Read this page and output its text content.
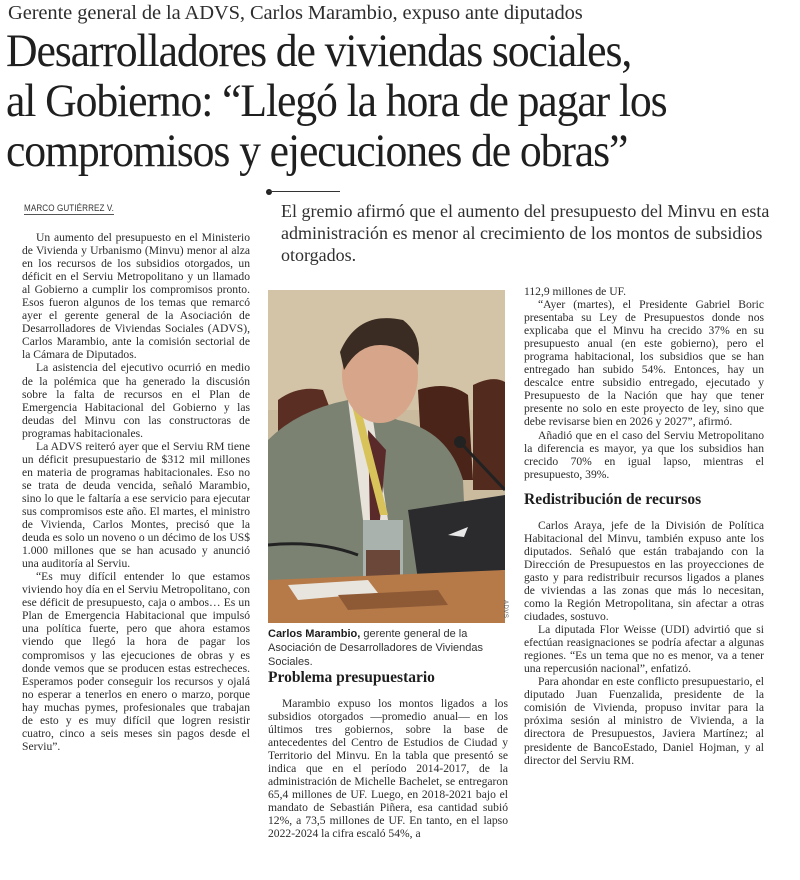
Gerente general de la ADVS, Carlos Marambio, expuso ante diputados
Desarrolladores de viviendas sociales,
al Gobierno: “Llegó la hora de pagar los
compromisos y ejecuciones de obras”
MARCO GUTIÉRREZ V.	El gremio afirmó que el aumento del presupuesto del Minvu en esta administración es menor al crecimiento de los montos de subsidios otorgados.

Un aumento del presupuesto en el Ministerio de Vivienda y Urbanismo (Minvu) menor al alza en los recursos de los subsidios otorgados, un déficit en el Serviu Metropolitano y un llamado al Gobierno a cumplir los compromisos pronto. Esos fueron algunos de los temas que remarcó ayer el gerente general de la Asociación de Desarrolladores de Viviendas Sociales (ADVS), Carlos Marambio, ante la comisión sectorial de la Cámara de Diputados.

La asistencia del ejecutivo ocurrió en medio de la polémica que ha generado la discusión sobre la falta de recursos en el Plan de Emergencia Habitacional del Gobierno y las deudas del Minvu con las constructoras de programas habitacionales.

La ADVS reiteró ayer que el Serviu RM tiene un déficit presupuestario de $312 mil millones en materia de programas habitacionales. Eso no se trata de deuda vencida, señaló Marambio, sino lo que le faltaría a ese servicio para ejecutar sus compromisos este año. El martes, el ministro de Vivienda, Carlos Montes, precisó que la deuda es solo un noveno o un décimo de los US$ 1.000 millones que se han acusado y anunció una auditoría al Serviu.

“Es muy difícil entender lo que estamos viviendo hoy día en el Serviu Metropolitano, con ese déficit de presupuesto, caja o ambos… Es un Plan de Emergencia Habitacional que impulsó una política fuerte, pero que ahora estamos viendo que llegó la hora de pagar los compromisos y las ejecuciones de obras y es donde vemos que se producen estas estrecheces. Esperamos poder conseguir los recursos y ojalá no esperar a tenerlos en enero o marzo, porque hay muchas pymes, profesionales que trabajan de esto y es muy difícil que logren resistir cuatro, cinco a seis meses sin pagos desde el Serviu”.

ADVS
Carlos Marambio, gerente general de la Asociación de Desarrolladores de Viviendas Sociales.
Problema presupuestario

Marambio expuso los montos ligados a los subsidios otorgados —promedio anual— en los últimos tres gobiernos, sobre la base de antecedentes del Centro de Estudios de Ciudad y Territorio del Minvu. En la tabla que presentó se indica que en el período 2014-2017, de la administración de Michelle Bachelet, se entregaron 65,4 millones de UF. Luego, en 2018-2021 bajo el mandato de Sebastián Piñera, esa cantidad subió 12%, a 73,5 millones de UF. En tanto, en el lapso 2022-2024 la cifra escaló 54%, a

112,9 millones de UF.

“Ayer (martes), el Presidente Gabriel Boric presentaba su Ley de Presupuestos donde nos explicaba que el Minvu ha crecido 37% en su presupuesto anual (en este gobierno), pero el programa habitacional, los subsidios que se han entregado han subido 54%. Entonces, hay un descalce entre subsidio entregado, ejecutado y Presupuesto de la Nación que hay que tener presente no solo en este proyecto de ley, sino que debe revisarse bien en 2026 y 2027”, afirmó.

Añadió que en el caso del Serviu Metropolitano la diferencia es mayor, ya que los subsidios han crecido 70% en igual lapso, mientras el presupuesto, 39%.

Redistribución de recursos

Carlos Araya, jefe de la División de Política Habitacional del Minvu, también expuso ante los diputados. Señaló que están trabajando con la Dirección de Presupuestos en las proyecciones de gasto y para redistribuir recursos ligados a planes de viviendas a las zonas que más lo necesitan, como la Región Metropolitana, sin afectar a otras ciudades, sostuvo.

La diputada Flor Weisse (UDI) advirtió que si efectúan reasignaciones se podría afectar a algunas regiones. “Es un tema que no es menor, va a tener una repercusión nacional”, enfatizó.

Para ahondar en este conflicto presupuestario, el diputado Juan Fuenzalida, presidente de la comisión de Vivienda, propuso invitar para la próxima sesión al ministro de Vivienda, a la directora de Presupuestos, Javiera Martínez; al presidente de BancoEstado, Daniel Hojman, y al director del Serviu RM.
